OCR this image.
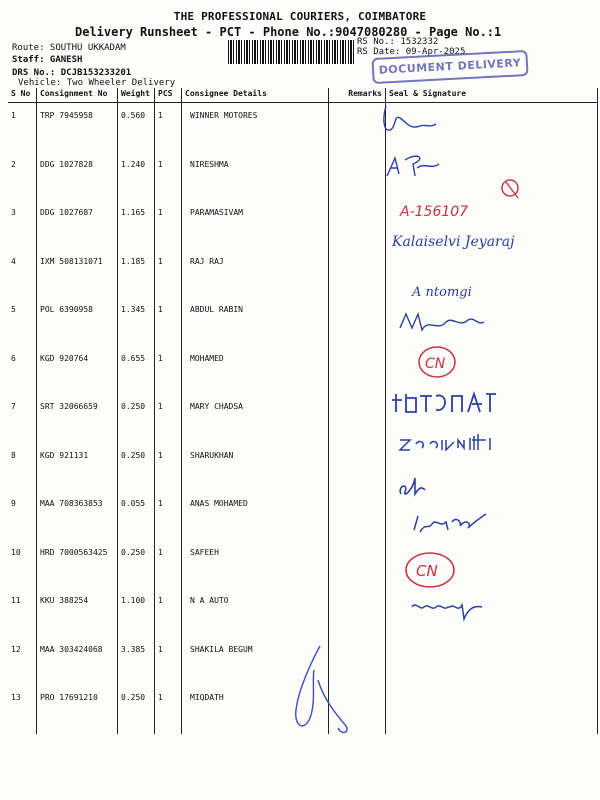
THE PROFESSIONAL COURIERS, COIMBATORE
Delivery Runsheet - PCT - Phone No.:9047080280 - Page No.:1
Route: SOUTHU UKKADAM
Staff: GANESH
DRS No.: DCJB153233201
Vehicle: Two Wheeler Delivery
RS No.: 1532332
RS Date: 09-Apr-2025
DOCUMENT DELIVERY
S No	Consignment No	Weight	PCS	Consignee Details	Remarks	Seal & Signature
1	TRP 7945958	0.560	1	WINNER MOTORES		
2	DDG 1027828	1.240	1	NIRESHMA		
3	DDG 1027687	1.165	1	PARAMASIVAM		
4	IXM 508131071	1.185	1	RAJ RAJ		
5	POL 6390958	1.345	1	ABDUL RABIN		
6	KGD 920764	0.655	1	MOHAMED		
7	SRT 32066659	0.250	1	MARY CHADSA		
8	KGD 921131	0.250	1	SHARUKHAN		
9	MAA 708363853	0.055	1	ANAS MOHAMED		
10	HRD 7000563425	0.250	1	SAFEEH		
11	KKU 388254	1.100	1	N A AUTO		
12	MAA 303424068	3.385	1	SHAKILA BEGUM		
13	PRO 17691210	0.250	1	MIQDATH		
A-156107
Kalaiselvi Jeyaraj
A ntomgi
CN
CN
